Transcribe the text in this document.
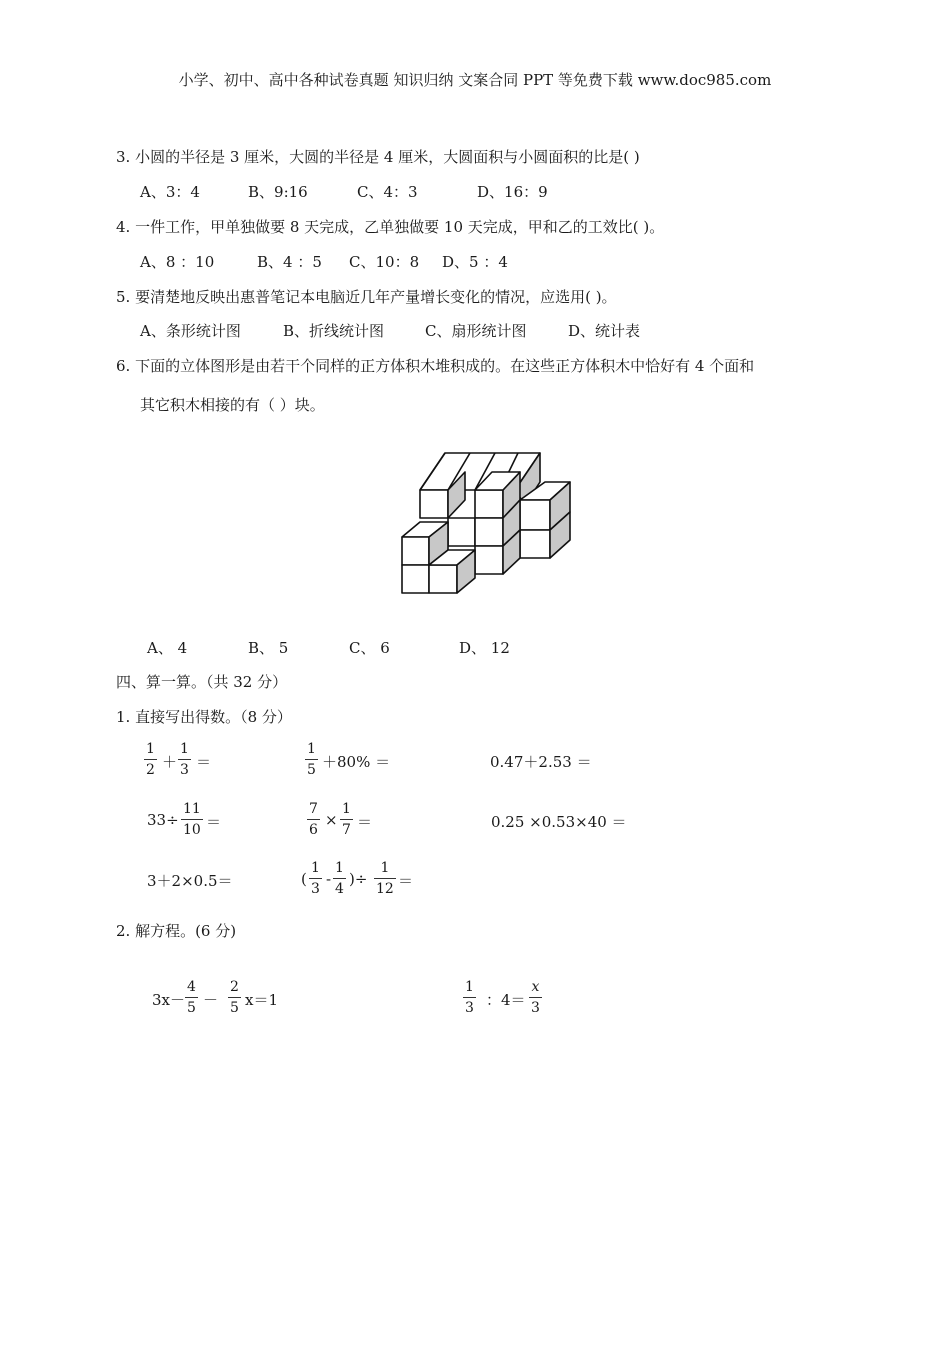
小学、初中、高中各种试卷真题 知识归纳 文案合同 PPT 等免费下载 www.doc985.com
3. 小圆的半径是 3 厘米，大圆的半径是 4 厘米，大圆面积与小圆面积的比是( )
A、3：4	B、9:16	C、4：3	D、16：9
4. 一件工作，甲单独做要 8 天完成，乙单独做要 10 天完成，甲和乙的工效比( )。
A、8 ：10	B、4 ：5 C、10：8 D、5 ：4
5. 要清楚地反映出惠普笔记本电脑近几年产量增长变化的情况，应选用( )。
A、条形统计图	B、折线统计图	C、扇形统计图	D、统计表
6. 下面的立体图形是由若干个同样的正方体积木堆积成的。在这些正方体积木中恰好有 4 个面和
其它积木相接的有（ ）块。
A、 4	B、 5	C、 6	D、 12
四、算一算。（共 32 分）
1. 直接写出得数。（8 分）
$\frac{1}{2} + \frac{1}{3}$ ＝	$\frac{1}{5} +80\%$ ＝	0.47＋2.53 ＝
$33\div \frac{11}{10}$ ＝	$\frac{7}{6} \times \frac{1}{7}$ ＝	0.25 ×0.53×40 ＝
3＋2×0.5＝	( $\frac{1}{3} - \frac{1}{4}$ )÷ $\frac{1}{12}$ ＝
2. 解方程。(6 分)
$3x- \frac{4}{5} - \frac{2}{5} x=1$	$\frac{1}{3}$ ：$4= \frac{x}{3}$
